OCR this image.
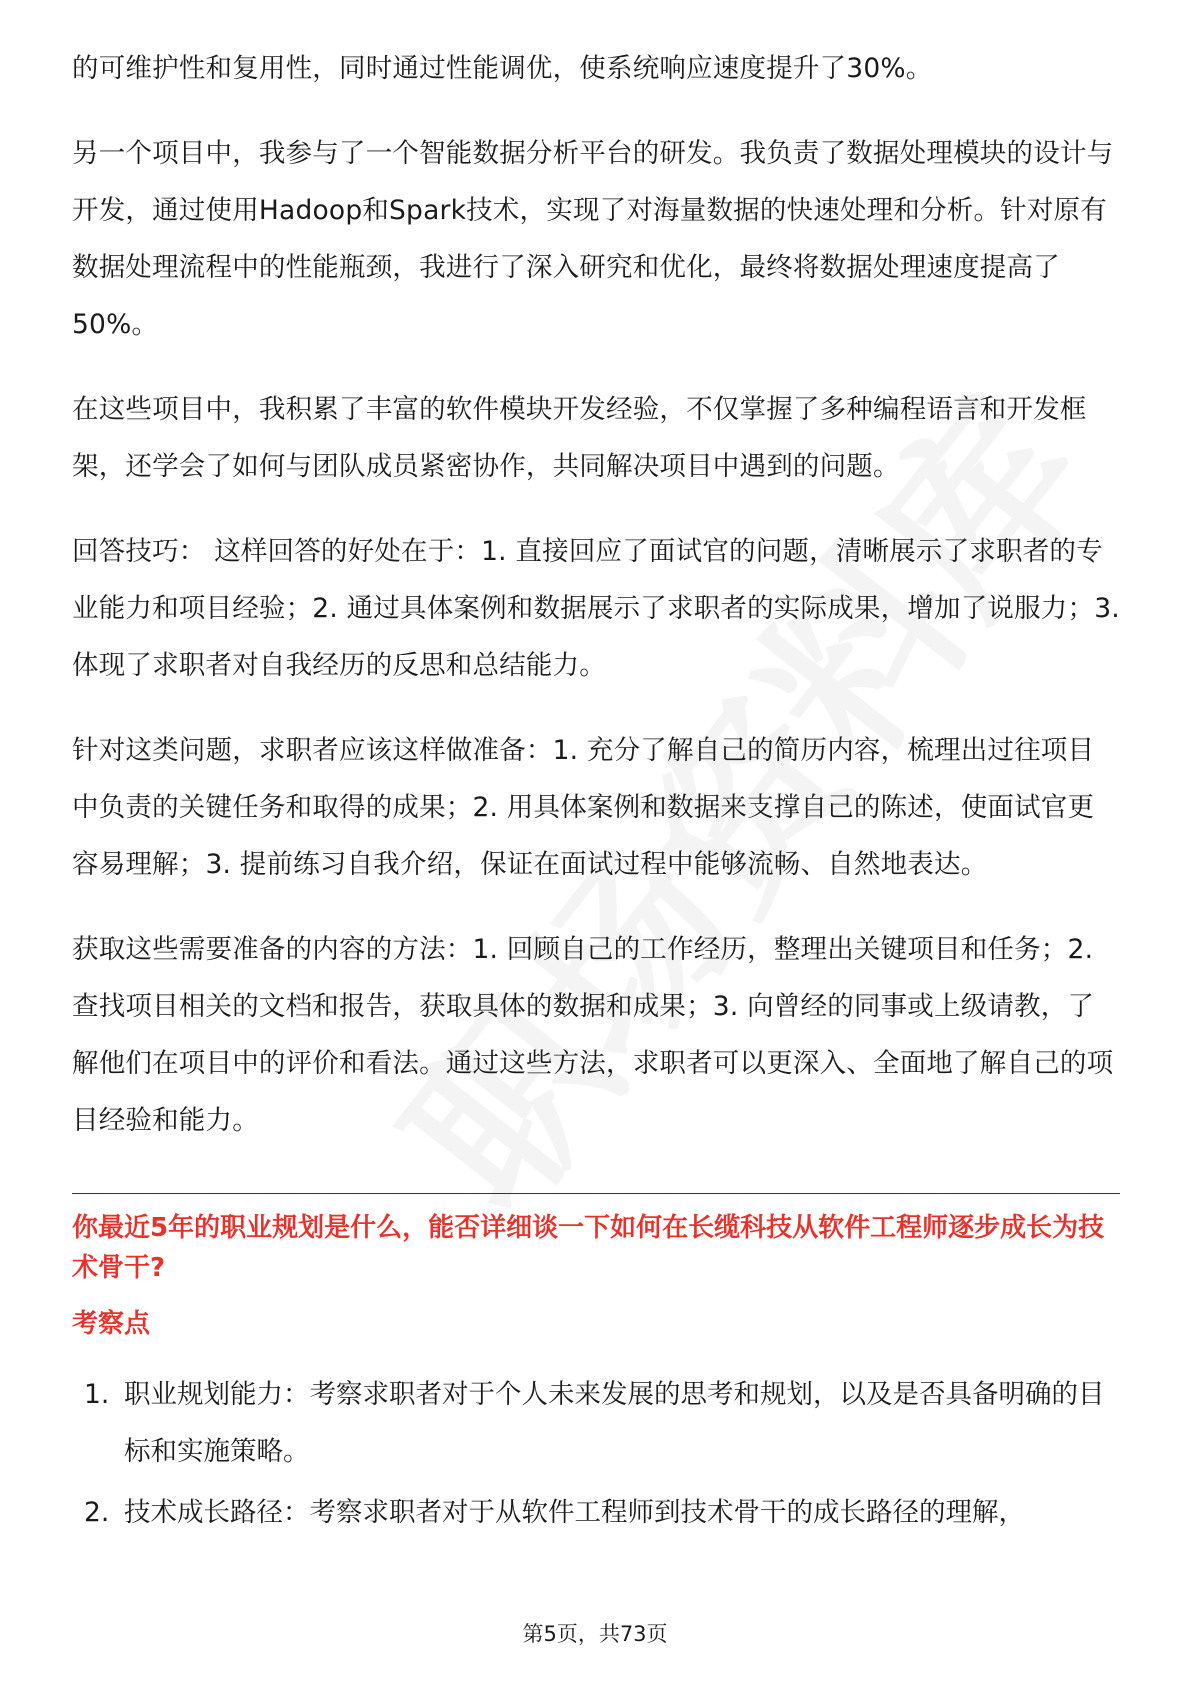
的可维护性和复用性，同时通过性能调优，使系统响应速度提升了30%。

另一个项目中，我参与了一个智能数据分析平台的研发。我负责了数据处理模块的设计与开发，通过使用Hadoop和Spark技术，实现了对海量数据的快速处理和分析。针对原有数据处理流程中的性能瓶颈，我进行了深入研究和优化，最终将数据处理速度提高了50%。

在这些项目中，我积累了丰富的软件模块开发经验，不仅掌握了多种编程语言和开发框架，还学会了如何与团队成员紧密协作，共同解决项目中遇到的问题。

回答技巧： 这样回答的好处在于：1. 直接回应了面试官的问题，清晰展示了求职者的专业能力和项目经验；2. 通过具体案例和数据展示了求职者的实际成果，增加了说服力；3. 体现了求职者对自我经历的反思和总结能力。

针对这类问题，求职者应该这样做准备：1. 充分了解自己的简历内容，梳理出过往项目中负责的关键任务和取得的成果；2. 用具体案例和数据来支撑自己的陈述，使面试官更容易理解；3. 提前练习自我介绍，保证在面试过程中能够流畅、自然地表达。

获取这些需要准备的内容的方法：1. 回顾自己的工作经历，整理出关键项目和任务；2. 查找项目相关的文档和报告，获取具体的数据和成果；3. 向曾经的同事或上级请教，了解他们在项目中的评价和看法。通过这些方法，求职者可以更深入、全面地了解自己的项目经验和能力。

你最近5年的职业规划是什么，能否详细谈一下如何在长缆科技从软件工程师逐步成长为技术骨干?
考察点
1. 职业规划能力：考察求职者对于个人未来发展的思考和规划，以及是否具备明确的目标和实施策略。
2. 技术成长路径：考察求职者对于从软件工程师到技术骨干的成长路径的理解，
第5页，共73页
